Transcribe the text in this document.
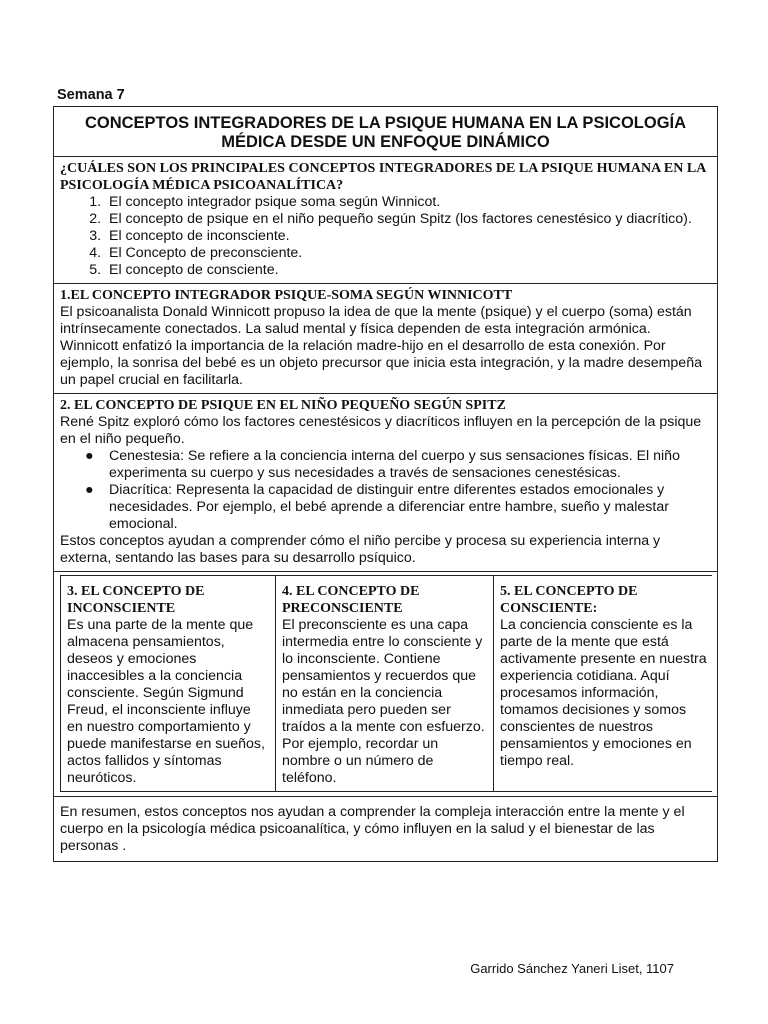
Semana 7
CONCEPTOS INTEGRADORES DE LA PSIQUE HUMANA EN LA PSICOLOGÍA MÉDICA DESDE UN ENFOQUE DINÁMICO

¿CUÁLES SON LOS PRINCIPALES CONCEPTOS INTEGRADORES DE LA PSIQUE HUMANA EN LA PSICOLOGÍA MÉDICA PSICOANALÍTICA?
1. El concepto integrador psique soma según Winnicot.
2. El concepto de psique en el niño pequeño según Spitz (los factores cenestésico y diacrítico).
3. El concepto de inconsciente.
4. El Concepto de preconsciente.
5. El concepto de consciente.

1.EL CONCEPTO INTEGRADOR PSIQUE-SOMA SEGÚN WINNICOTT
El psicoanalista Donald Winnicott propuso la idea de que la mente (psique) y el cuerpo (soma) están intrínsecamente conectados. La salud mental y física dependen de esta integración armónica. Winnicott enfatizó la importancia de la relación madre-hijo en el desarrollo de esta conexión. Por ejemplo, la sonrisa del bebé es un objeto precursor que inicia esta integración, y la madre desempeña un papel crucial en facilitarla.

2. EL CONCEPTO DE PSIQUE EN EL NIÑO PEQUEÑO SEGÚN SPITZ
René Spitz exploró cómo los factores cenestésicos y diacríticos influyen en la percepción de la psique en el niño pequeño.
● Cenestesia: Se refiere a la conciencia interna del cuerpo y sus sensaciones físicas. El niño experimenta su cuerpo y sus necesidades a través de sensaciones cenestésicas.
● Diacrítica: Representa la capacidad de distinguir entre diferentes estados emocionales y necesidades. Por ejemplo, el bebé aprende a diferenciar entre hambre, sueño y malestar emocional.
Estos conceptos ayudan a comprender cómo el niño percibe y procesa su experiencia interna y externa, sentando las bases para su desarrollo psíquico.

3. EL CONCEPTO DE INCONSCIENTE
Es una parte de la mente que almacena pensamientos, deseos y emociones inaccesibles a la conciencia consciente. Según Sigmund Freud, el inconsciente influye en nuestro comportamiento y puede manifestarse en sueños, actos fallidos y síntomas neuróticos.

4. EL CONCEPTO DE PRECONSCIENTE
El preconsciente es una capa intermedia entre lo consciente y lo inconsciente. Contiene pensamientos y recuerdos que no están en la conciencia inmediata pero pueden ser traídos a la mente con esfuerzo. Por ejemplo, recordar un nombre o un número de teléfono.

5. EL CONCEPTO DE CONSCIENTE:
La conciencia consciente es la parte de la mente que está activamente presente en nuestra experiencia cotidiana. Aquí procesamos información, tomamos decisiones y somos conscientes de nuestros pensamientos y emociones en tiempo real.

En resumen, estos conceptos nos ayudan a comprender la compleja interacción entre la mente y el cuerpo en la psicología médica psicoanalítica, y cómo influyen en la salud y el bienestar de las personas .
Garrido Sánchez Yaneri Liset, 1107
